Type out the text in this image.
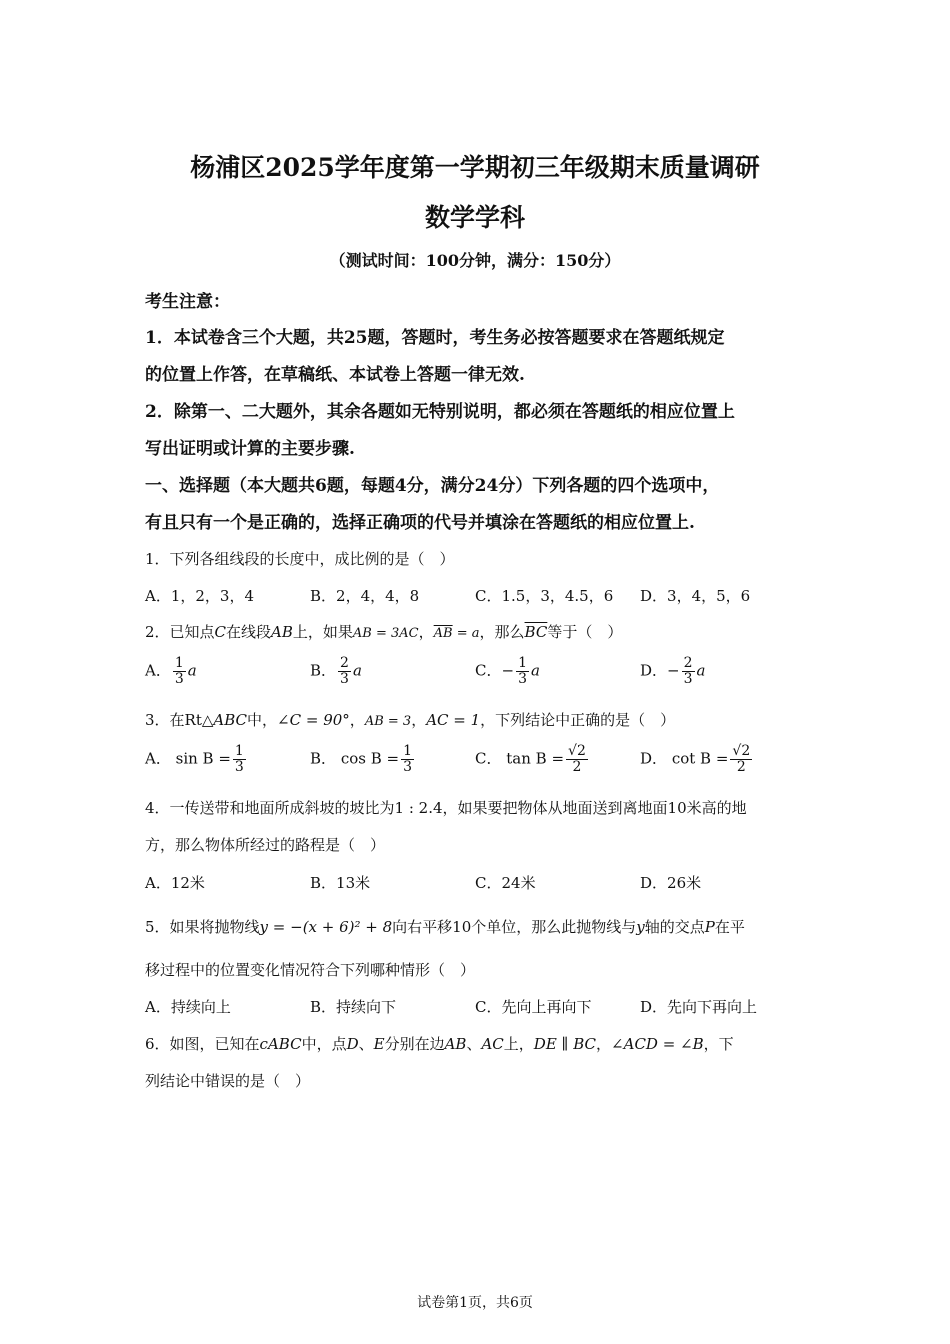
杨浦区2025学年度第一学期初三年级期末质量调研
数学学科
（测试时间：100分钟，满分：150分）
考生注意：
1．本试卷含三个大题，共25题，答题时，考生务必按答题要求在答题纸规定
的位置上作答，在草稿纸、本试卷上答题一律无效.
2．除第一、二大题外，其余各题如无特别说明，都必须在答题纸的相应位置上
写出证明或计算的主要步骤.
一、选择题（本大题共6题，每题4分，满分24分）下列各题的四个选项中，
有且只有一个是正确的，选择正确项的代号并填涂在答题纸的相应位置上.
1．下列各组线段的长度中，成比例的是（　）
A．1，2，3，4	B．2，4，4，8	C．1.5，3，4.5，6 D．3，4，5，6
2．已知点C在线段AB上，如果AB = 3AC，$\overline{AB} = a$，那么$\overline{BC}$等于（　）
A． $\frac{1}{3}$ a	B． $\frac{2}{3}$ a	C．− $\frac{1}{3}$ a	D．− $\frac{2}{3}$ a
3．在Rt△ABC中，∠C = 90°，AB = 3，AC = 1，下列结论中正确的是（　）
A． $\sin B = \frac{1}{3}$	B． $\cos B = \frac{1}{3}$	C． $\tan B = \frac{√2}{2}$	D． $\cot B = \frac{√2}{2}$
4．一传送带和地面所成斜坡的坡比为1 : 2.4，如果要把物体从地面送到离地面10米高的地
方，那么物体所经过的路程是（　）
A．12米	B．13米	C．24米	D．26米
5．如果将抛物线y = −(x + 6)² + 8向右平移10个单位，那么此抛物线与y轴的交点P在平
移过程中的位置变化情况符合下列哪种情形（　）
A．持续向上	B．持续向下	C．先向上再向下	D．先向下再向上
6．如图，已知在cABC中，点D、E分别在边AB、AC上，DE ∥ BC，∠ACD = ∠B，下
列结论中错误的是（　）
试卷第1页，共6页
